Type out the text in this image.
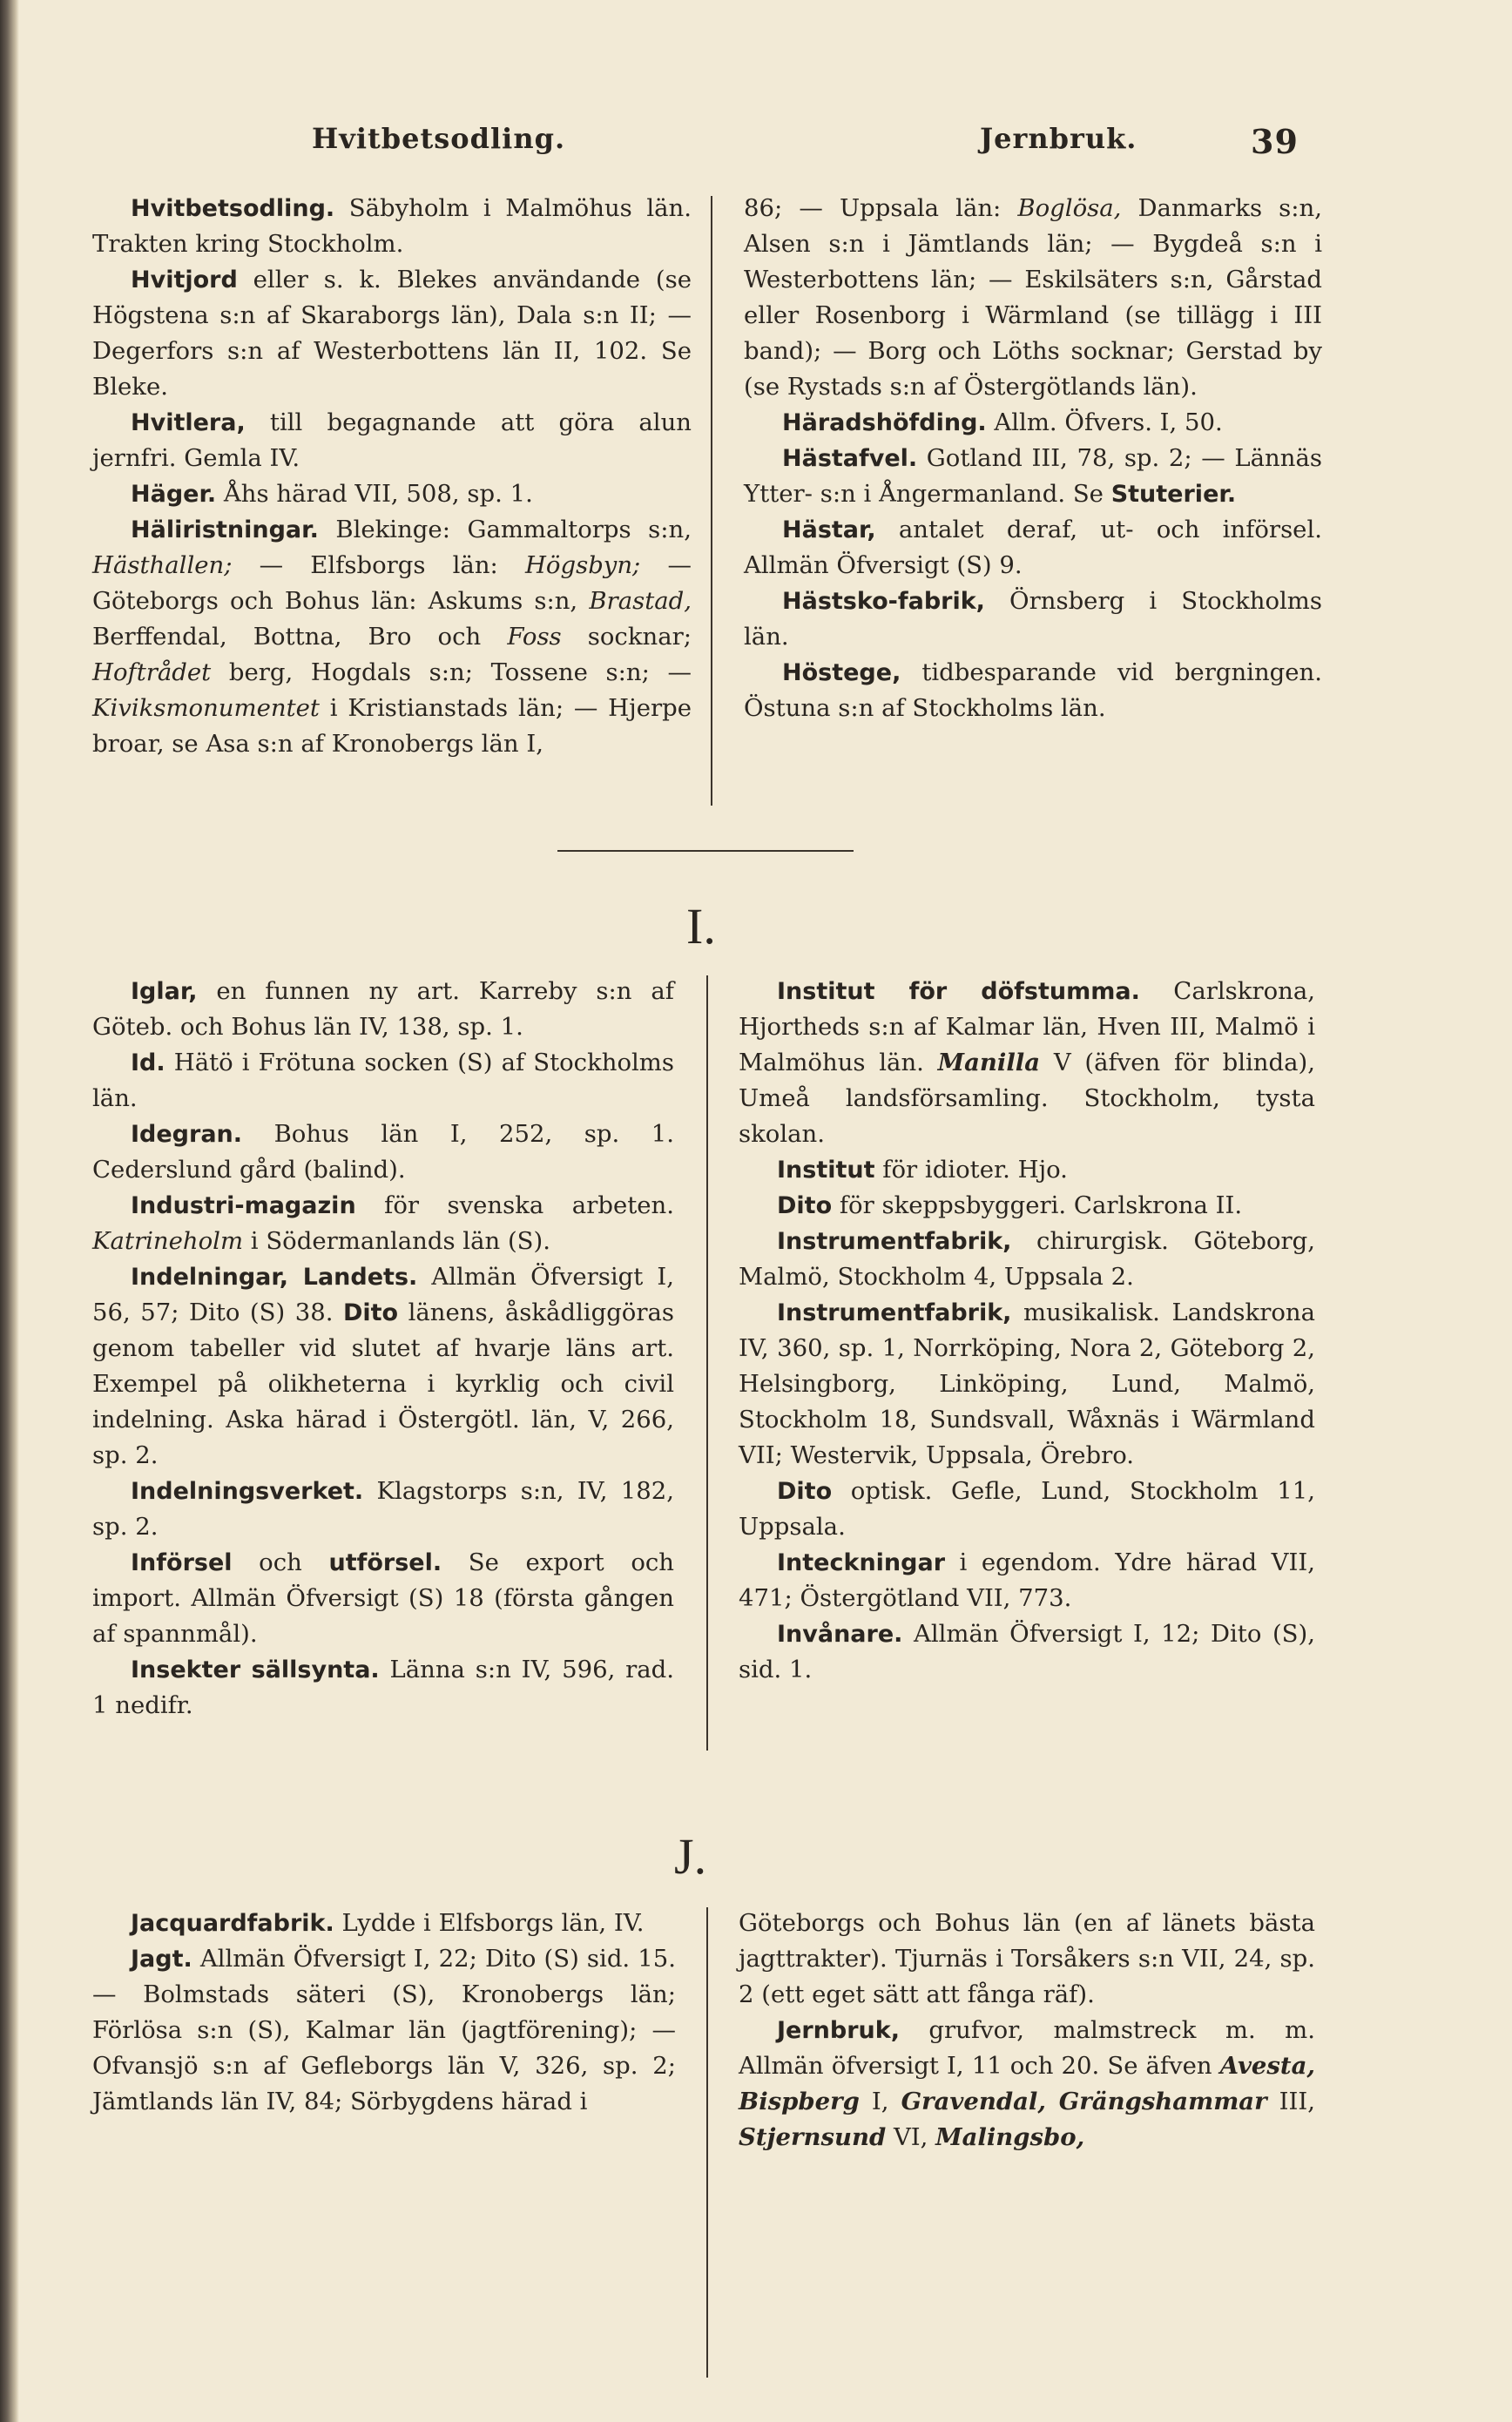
Hvitbetsodling.	Jernbruk.	39

Hvitbetsodling. Säbyholm i Malmöhus län. Trakten kring Stockholm.

Hvitjord eller s. k. Blekes användande (se Högstena s:n af Skaraborgs län), Dala s:n II; — Degerfors s:n af Westerbottens län II, 102. Se Bleke.

Hvitlera, till begagnande att göra alun jernfri. Gemla IV.

Häger. Åhs härad VII, 508, sp. 1.

Häliristningar. Blekinge: Gammaltorps s:n, Hästhallen; — Elfsborgs län: Högsbyn; — Göteborgs och Bohus län: Askums s:n, Brastad, Berffendal, Bottna, Bro och Foss socknar; Hoftrådet berg, Hogdals s:n; Tossene s:n; — Kiviksmonumentet i Kristianstads län; — Hjerpe broar, se Asa s:n af Kronobergs län I,

86; — Uppsala län: Boglösa, Danmarks s:n, Alsen s:n i Jämtlands län; — Bygdeå s:n i Westerbottens län; — Eskilsäters s:n, Gårstad eller Rosenborg i Wärmland (se tillägg i III band); — Borg och Löths socknar; Gerstad by (se Rystads s:n af Östergötlands län).

Häradshöfding. Allm. Öfvers. I, 50.

Hästafvel. Gotland III, 78, sp. 2; — Lännäs Ytter- s:n i Ångermanland. Se Stuterier.

Hästar, antalet deraf, ut- och införsel. Allmän Öfversigt (S) 9.

Hästsko-fabrik, Örnsberg i Stockholms län.

Höstege, tidbesparande vid bergningen. Östuna s:n af Stockholms län.

I.

Iglar, en funnen ny art. Karreby s:n af Göteb. och Bohus län IV, 138, sp. 1.

Id. Hätö i Frötuna socken (S) af Stockholms län.

Idegran. Bohus län I, 252, sp. 1. Cederslund gård (balind).

Industri-magazin för svenska arbeten. Katrineholm i Södermanlands län (S).

Indelningar, Landets. Allmän Öfversigt I, 56, 57; Dito (S) 38. Dito länens, åskådliggöras genom tabeller vid slutet af hvarje läns art. Exempel på olikheterna i kyrklig och civil indelning. Aska härad i Östergötl. län, V, 266, sp. 2.

Indelningsverket. Klagstorps s:n, IV, 182, sp. 2.

Införsel och utförsel. Se export och import. Allmän Öfversigt (S) 18 (första gången af spannmål).

Insekter sällsynta. Länna s:n IV, 596, rad. 1 nedifr.

Institut för döfstumma. Carlskrona, Hjortheds s:n af Kalmar län, Hven III, Malmö i Malmöhus län. Manilla V (äfven för blinda), Umeå landsförsamling. Stockholm, tysta skolan.

Institut för idioter. Hjo.

Dito för skeppsbyggeri. Carlskrona II.

Instrumentfabrik, chirurgisk. Göteborg, Malmö, Stockholm 4, Uppsala 2.

Instrumentfabrik, musikalisk. Landskrona IV, 360, sp. 1, Norrköping, Nora 2, Göteborg 2, Helsingborg, Linköping, Lund, Malmö, Stockholm 18, Sundsvall, Wåxnäs i Wärmland VII; Westervik, Uppsala, Örebro.

Dito optisk. Gefle, Lund, Stockholm 11, Uppsala.

Inteckningar i egendom. Ydre härad VII, 471; Östergötland VII, 773.

Invånare. Allmän Öfversigt I, 12; Dito (S), sid. 1.

J.

Jacquardfabrik. Lydde i Elfsborgs län, IV.

Jagt. Allmän Öfversigt I, 22; Dito (S) sid. 15. — Bolmstads säteri (S), Kronobergs län; Förlösa s:n (S), Kalmar län (jagtförening); — Ofvansjö s:n af Gefleborgs län V, 326, sp. 2; Jämtlands län IV, 84; Sörbygdens härad i

Göteborgs och Bohus län (en af länets bästa jagttrakter). Tjurnäs i Torsåkers s:n VII, 24, sp. 2 (ett eget sätt att fånga räf).

Jernbruk, grufvor, malmstreck m. m. Allmän öfversigt I, 11 och 20. Se äfven Avesta, Bispberg I, Gravendal, Grängshammar III, Stjernsund VI, Malingsbo,
